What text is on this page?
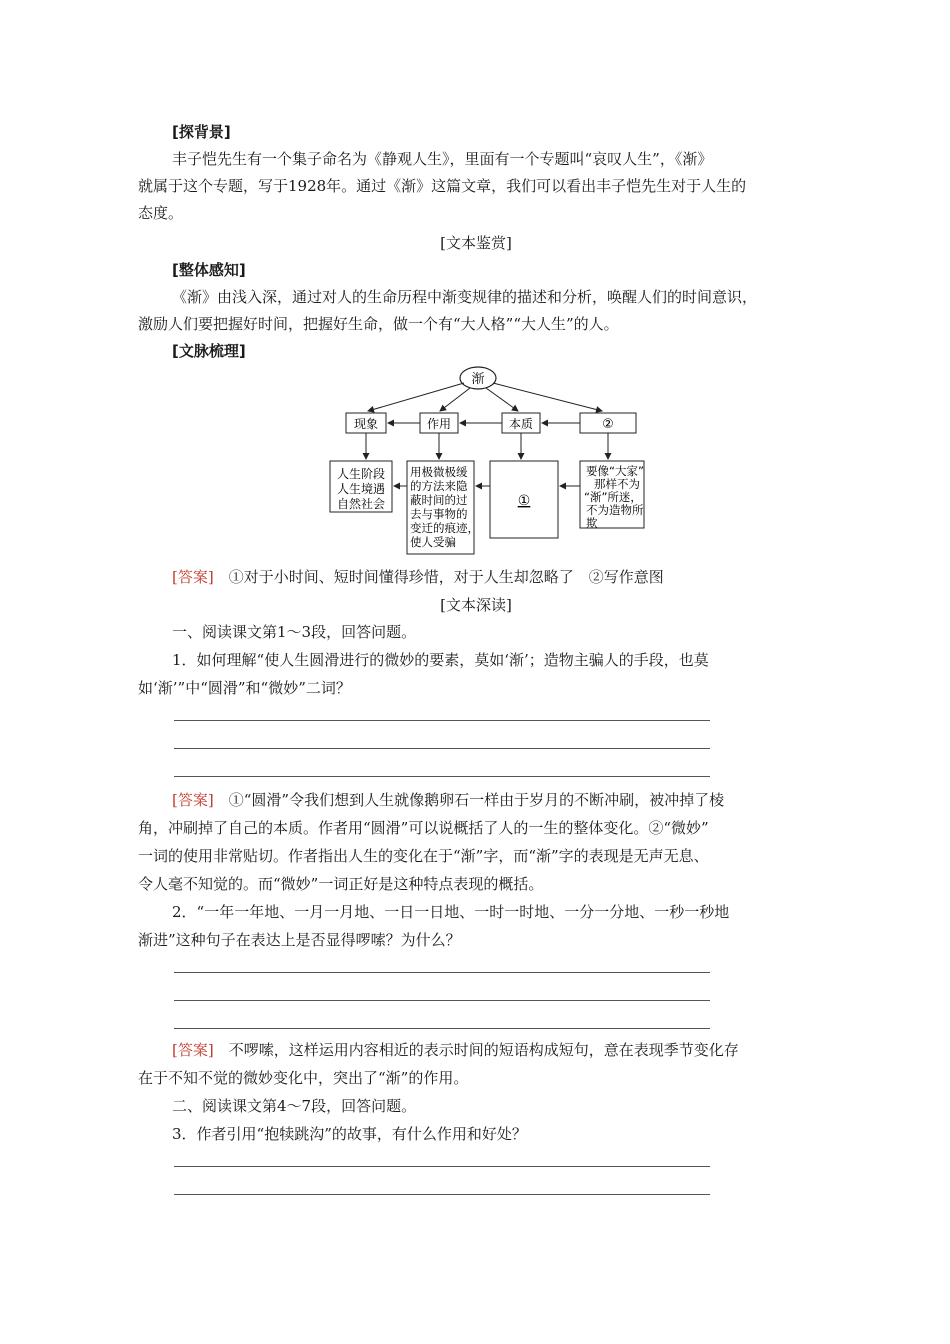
[探背景]
丰子恺先生有一个集子命名为《静观人生》，里面有一个专题叫“哀叹人生”，《渐》
就属于这个专题，写于1928年。通过《渐》这篇文章，我们可以看出丰子恺先生对于人生的
态度。
[文本鉴赏]
[整体感知]
《渐》由浅入深，通过对人的生命历程中渐变规律的描述和分析，唤醒人们的时间意识，
激励人们要把握好时间，把握好生命，做一个有“大人格”“大人生”的人。
[文脉梳理]
渐
现象	作用	本质	②
人生阶段
人生境遇
自然社会
用极微极缓
的方法来隐
蔽时间的过
去与事物的
变迁的痕迹，
使人受骗
①
要像“大家”
那样不为
“渐”所迷，
不为造物所
欺
[答案]　 ①对于小时间、短时间懂得珍惜，对于人生却忽略了　②写作意图
[文本深读]
一、阅读课文第1～3段，回答问题。
1．如何理解“使人生圆滑进行的微妙的要素，莫如‘渐’；造物主骗人的手段，也莫
如‘渐’”中“圆滑”和“微妙”二词？
[答案]　 ①“圆滑”令我们想到人生就像鹅卵石一样由于岁月的不断冲刷，被冲掉了棱
角，冲刷掉了自己的本质。作者用“圆滑”可以说概括了人的一生的整体变化。②“微妙”
一词的使用非常贴切。作者指出人生的变化在于“渐”字，而“渐”字的表现是无声无息、
令人毫不知觉的。而“微妙”一词正好是这种特点表现的概括。
2．“一年一年地、一月一月地、一日一日地、一时一时地、一分一分地、一秒一秒地
渐进”这种句子在表达上是否显得啰嗦？为什么？
[答案]　 不啰嗦，这样运用内容相近的表示时间的短语构成短句，意在表现季节变化存
在于不知不觉的微妙变化中，突出了“渐”的作用。
二、阅读课文第4～7段，回答问题。
3．作者引用“抱犊跳沟”的故事，有什么作用和好处？
